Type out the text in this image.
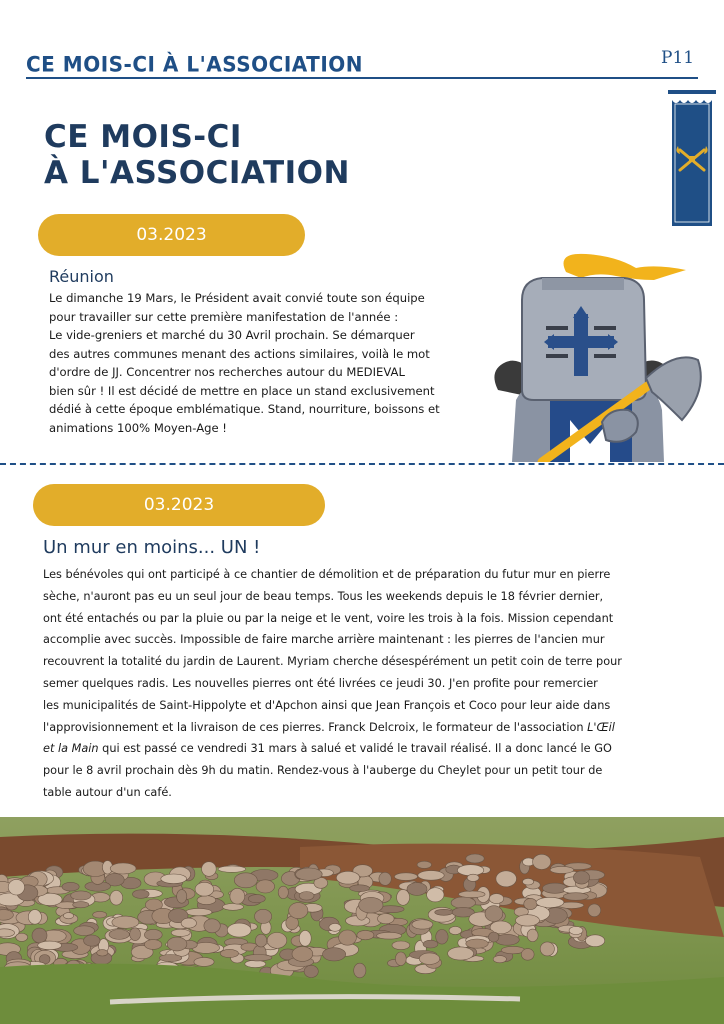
CE MOIS-CI À L'ASSOCIATION	P11
CE MOIS-CI
À L'ASSOCIATION
03.2023
Réunion

Le dimanche 19 Mars, le Président avait convié toute son équipe

pour travailler sur cette première manifestation de l'année :

Le vide-greniers et marché du 30 Avril prochain. Se démarquer

des autres communes menant des actions similaires, voilà le mot

d'ordre de JJ. Concentrer nos recherches autour du MEDIEVAL

bien sûr ! Il est décidé de mettre en place un stand exclusivement

dédié à cette époque emblématique. Stand, nourriture, boissons et

animations 100% Moyen-Age !

03.2023
Un mur en moins... UN !

Les bénévoles qui ont participé à ce chantier de démolition et de préparation du futur mur en pierre

sèche, n'auront pas eu un seul jour de beau temps. Tous les weekends depuis le 18 février dernier,

ont été entachés ou par la pluie ou par la neige et le vent, voire les trois à la fois. Mission cependant

accomplie avec succès. Impossible de faire marche arrière maintenant : les pierres de l'ancien mur

recouvrent la totalité du jardin de Laurent. Myriam cherche désespérément un petit coin de terre pour

semer quelques radis. Les nouvelles pierres ont été livrées ce jeudi 30. J'en profite pour remercier

les municipalités de Saint-Hippolyte et d'Apchon ainsi que Jean François et Coco pour leur aide dans

l'approvisionnement et la livraison de ces pierres. Franck Delcroix, le formateur de l'association L'Œil

et la Main qui est passé ce vendredi 31 mars à salué et validé le travail réalisé. Il a donc lancé le GO

pour le 8 avril prochain dès 9h du matin. Rendez-vous à l'auberge du Cheylet pour un petit tour de

table autour d'un café.
